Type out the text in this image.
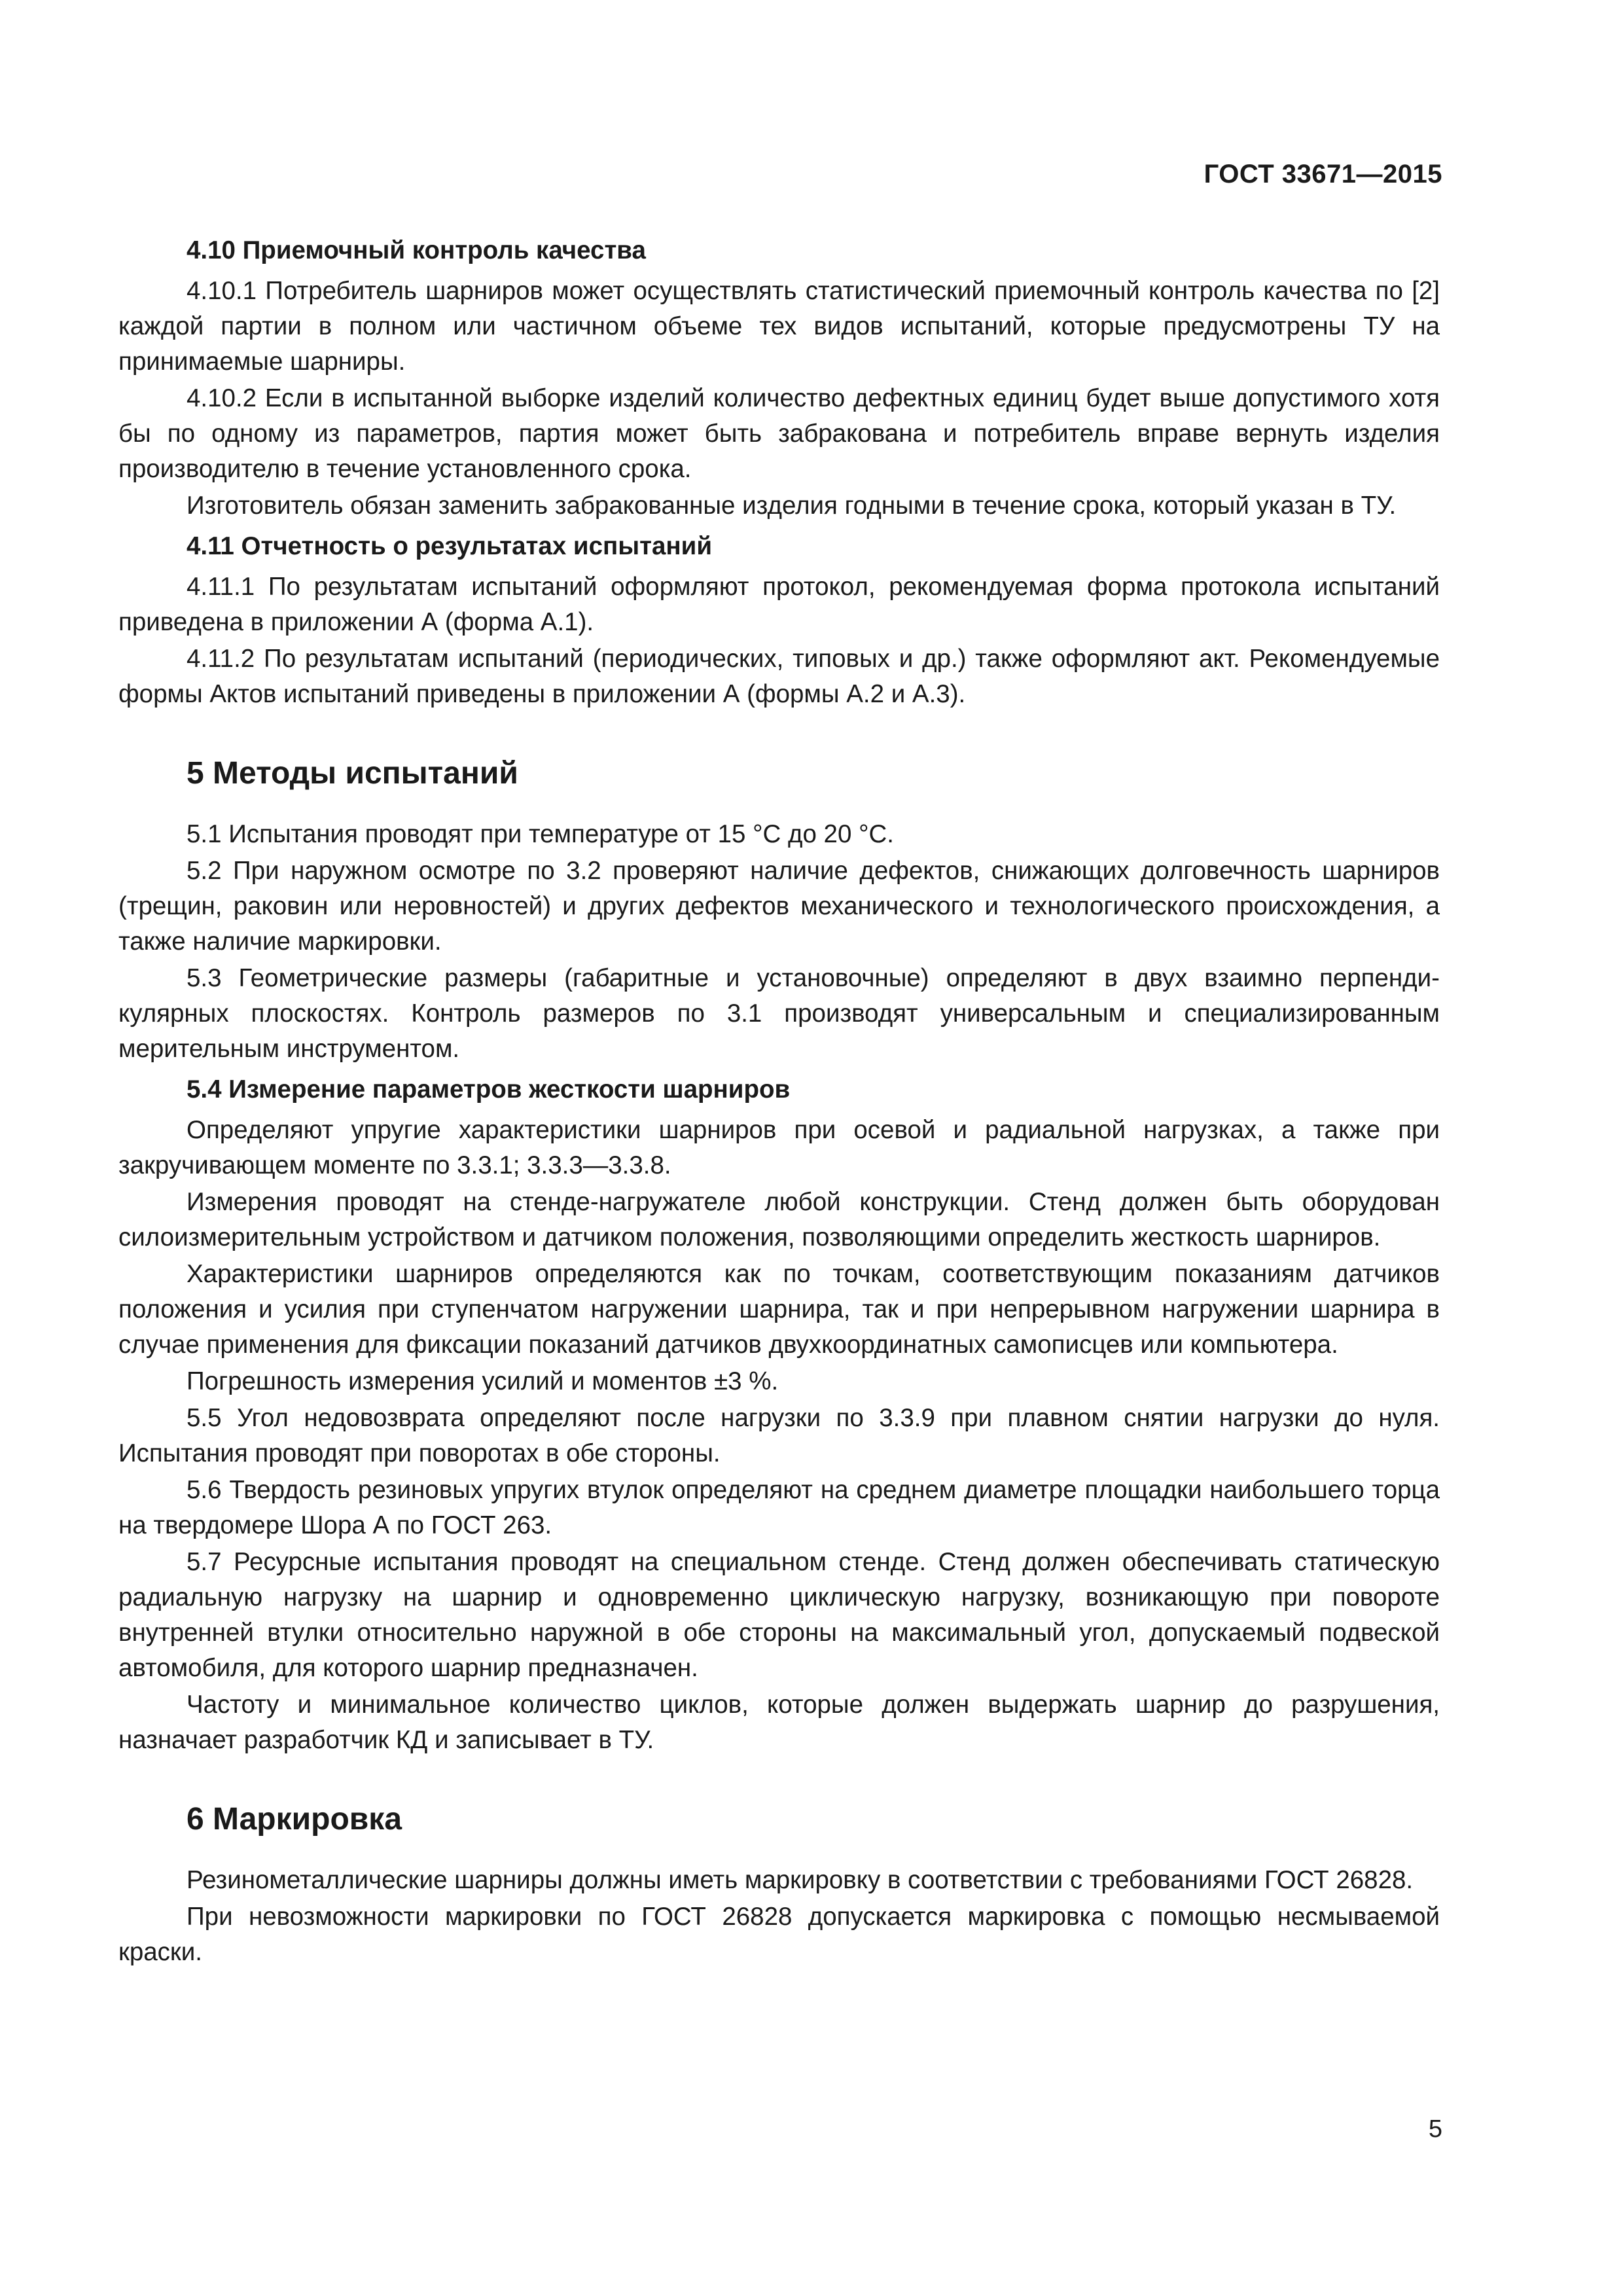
ГОСТ 33671—2015
4.10 Приемочный контроль качества
4.10.1 Потребитель шарниров может осуществлять статистический приемочный контроль качества по [2] каждой партии в полном или частичном объеме тех видов испытаний, которые предусмотрены ТУ на принимаемые шарниры.
4.10.2 Если в испытанной выборке изделий количество дефектных единиц будет выше допустимого хотя бы по одному из параметров, партия может быть забракована и потребитель вправе вернуть изделия производителю в течение установленного срока.
Изготовитель обязан заменить забракованные изделия годными в течение срока, который указан в ТУ.
4.11 Отчетность о результатах испытаний
4.11.1 По результатам испытаний оформляют протокол, рекомендуемая форма протокола испытаний приведена в приложении А (форма А.1).
4.11.2 По результатам испытаний (периодических, типовых и др.) также оформляют акт. Рекомендуемые формы Актов испытаний приведены в приложении А (формы А.2 и А.3).
5 Методы испытаний
5.1 Испытания проводят при температуре от 15 °С до 20 °С.
5.2 При наружном осмотре по 3.2 проверяют наличие дефектов, снижающих долговечность шарниров (трещин, раковин или неровностей) и других дефектов механического и технологического происхождения, а также наличие маркировки.
5.3 Геометрические размеры (габаритные и установочные) определяют в двух взаимно перпендикулярных плоскостях. Контроль размеров по 3.1 производят универсальным и специализированным мерительным инструментом.
5.4 Измерение параметров жесткости шарниров
Определяют упругие характеристики шарниров при осевой и радиальной нагрузках, а также при закручивающем моменте по 3.3.1; 3.3.3—3.3.8.
Измерения проводят на стенде-нагружателе любой конструкции. Стенд должен быть оборудован силоизмерительным устройством и датчиком положения, позволяющими определить жесткость шарниров.
Характеристики шарниров определяются как по точкам, соответствующим показаниям датчиков положения и усилия при ступенчатом нагружении шарнира, так и при непрерывном нагружении шарнира в случае применения для фиксации показаний датчиков двухкоординатных самописцев или компьютера.
Погрешность измерения усилий и моментов ±3 %.
5.5 Угол недовозврата определяют после нагрузки по 3.3.9 при плавном снятии нагрузки до нуля. Испытания проводят при поворотах в обе стороны.
5.6 Твердость резиновых упругих втулок определяют на среднем диаметре площадки наибольшего торца на твердомере Шора А по ГОСТ 263.
5.7 Ресурсные испытания проводят на специальном стенде. Стенд должен обеспечивать статическую радиальную нагрузку на шарнир и одновременно циклическую нагрузку, возникающую при повороте внутренней втулки относительно наружной в обе стороны на максимальный угол, допускаемый подвеской автомобиля, для которого шарнир предназначен.
Частоту и минимальное количество циклов, которые должен выдержать шарнир до разрушения, назначает разработчик КД и записывает в ТУ.
6 Маркировка
Резинометаллические шарниры должны иметь маркировку в соответствии с требованиями ГОСТ 26828.
При невозможности маркировки по ГОСТ 26828 допускается маркировка с помощью несмываемой краски.
5
